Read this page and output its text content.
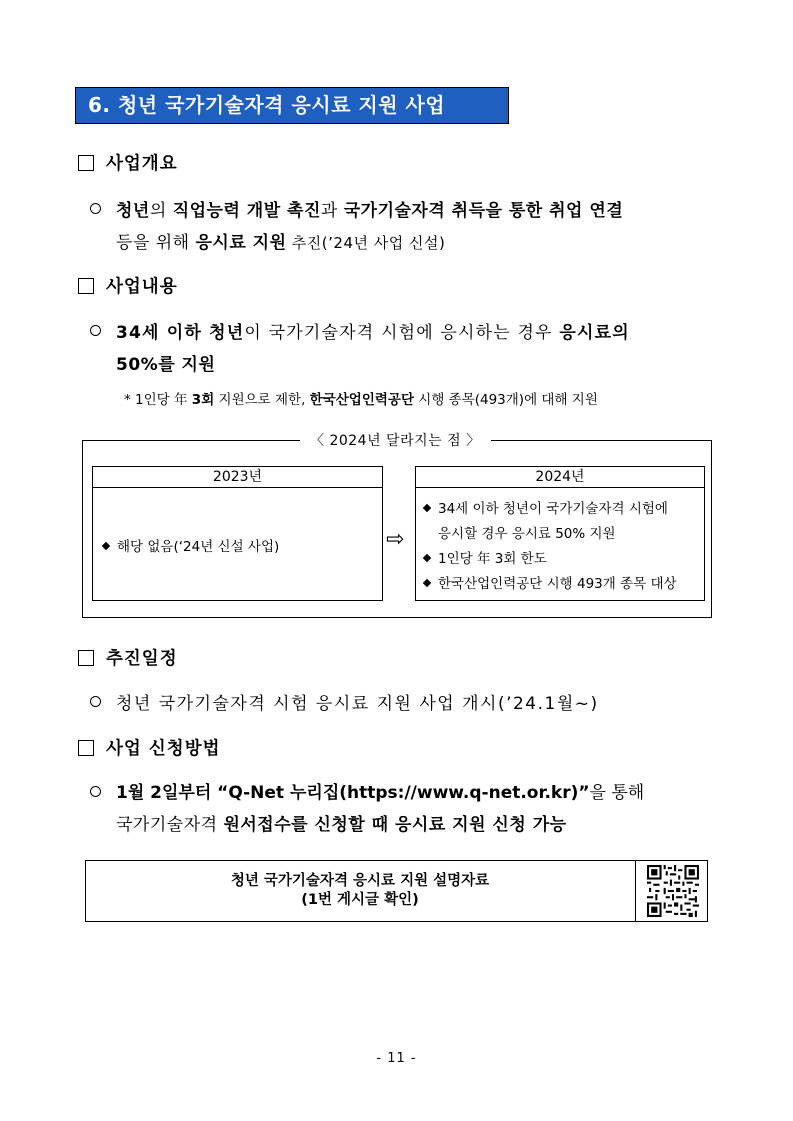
6. 청년 국가기술자격 응시료 지원 사업
사업개요
청년의 직업능력 개발 촉진과 국가기술자격 취득을 통한 취업 연결
등을 위해 응시료 지원 추진(’24년 사업 신설)
사업내용
34세 이하 청년이 국가기술자격 시험에 응시하는 경우 응시료의
50%를 지원
* 1인당 年 3회 지원으로 제한, 한국산업인력공단 시행 종목(493개)에 대해 지원
〈 2024년 달라지는 점 〉
2023년
해당 없음(‘24년 신설 사업)	⇨
2024년
34세 이하 청년이 국가기술자격 시험에
응시할 경우 응시료 50% 지원
1인당 年 3회 한도
한국산업인력공단 시행 493개 종목 대상
추진일정
청년 국가기술자격 시험 응시료 지원 사업 개시(’24.1월~)
사업 신청방법
1월 2일부터 “Q-Net 누리집(https://www.q-net.or.kr)”을 통해
국가기술자격 원서접수를 신청할 때 응시료 지원 신청 가능
청년 국가기술자격 응시료 지원 설명자료
(1번 게시글 확인)
- 11 -
